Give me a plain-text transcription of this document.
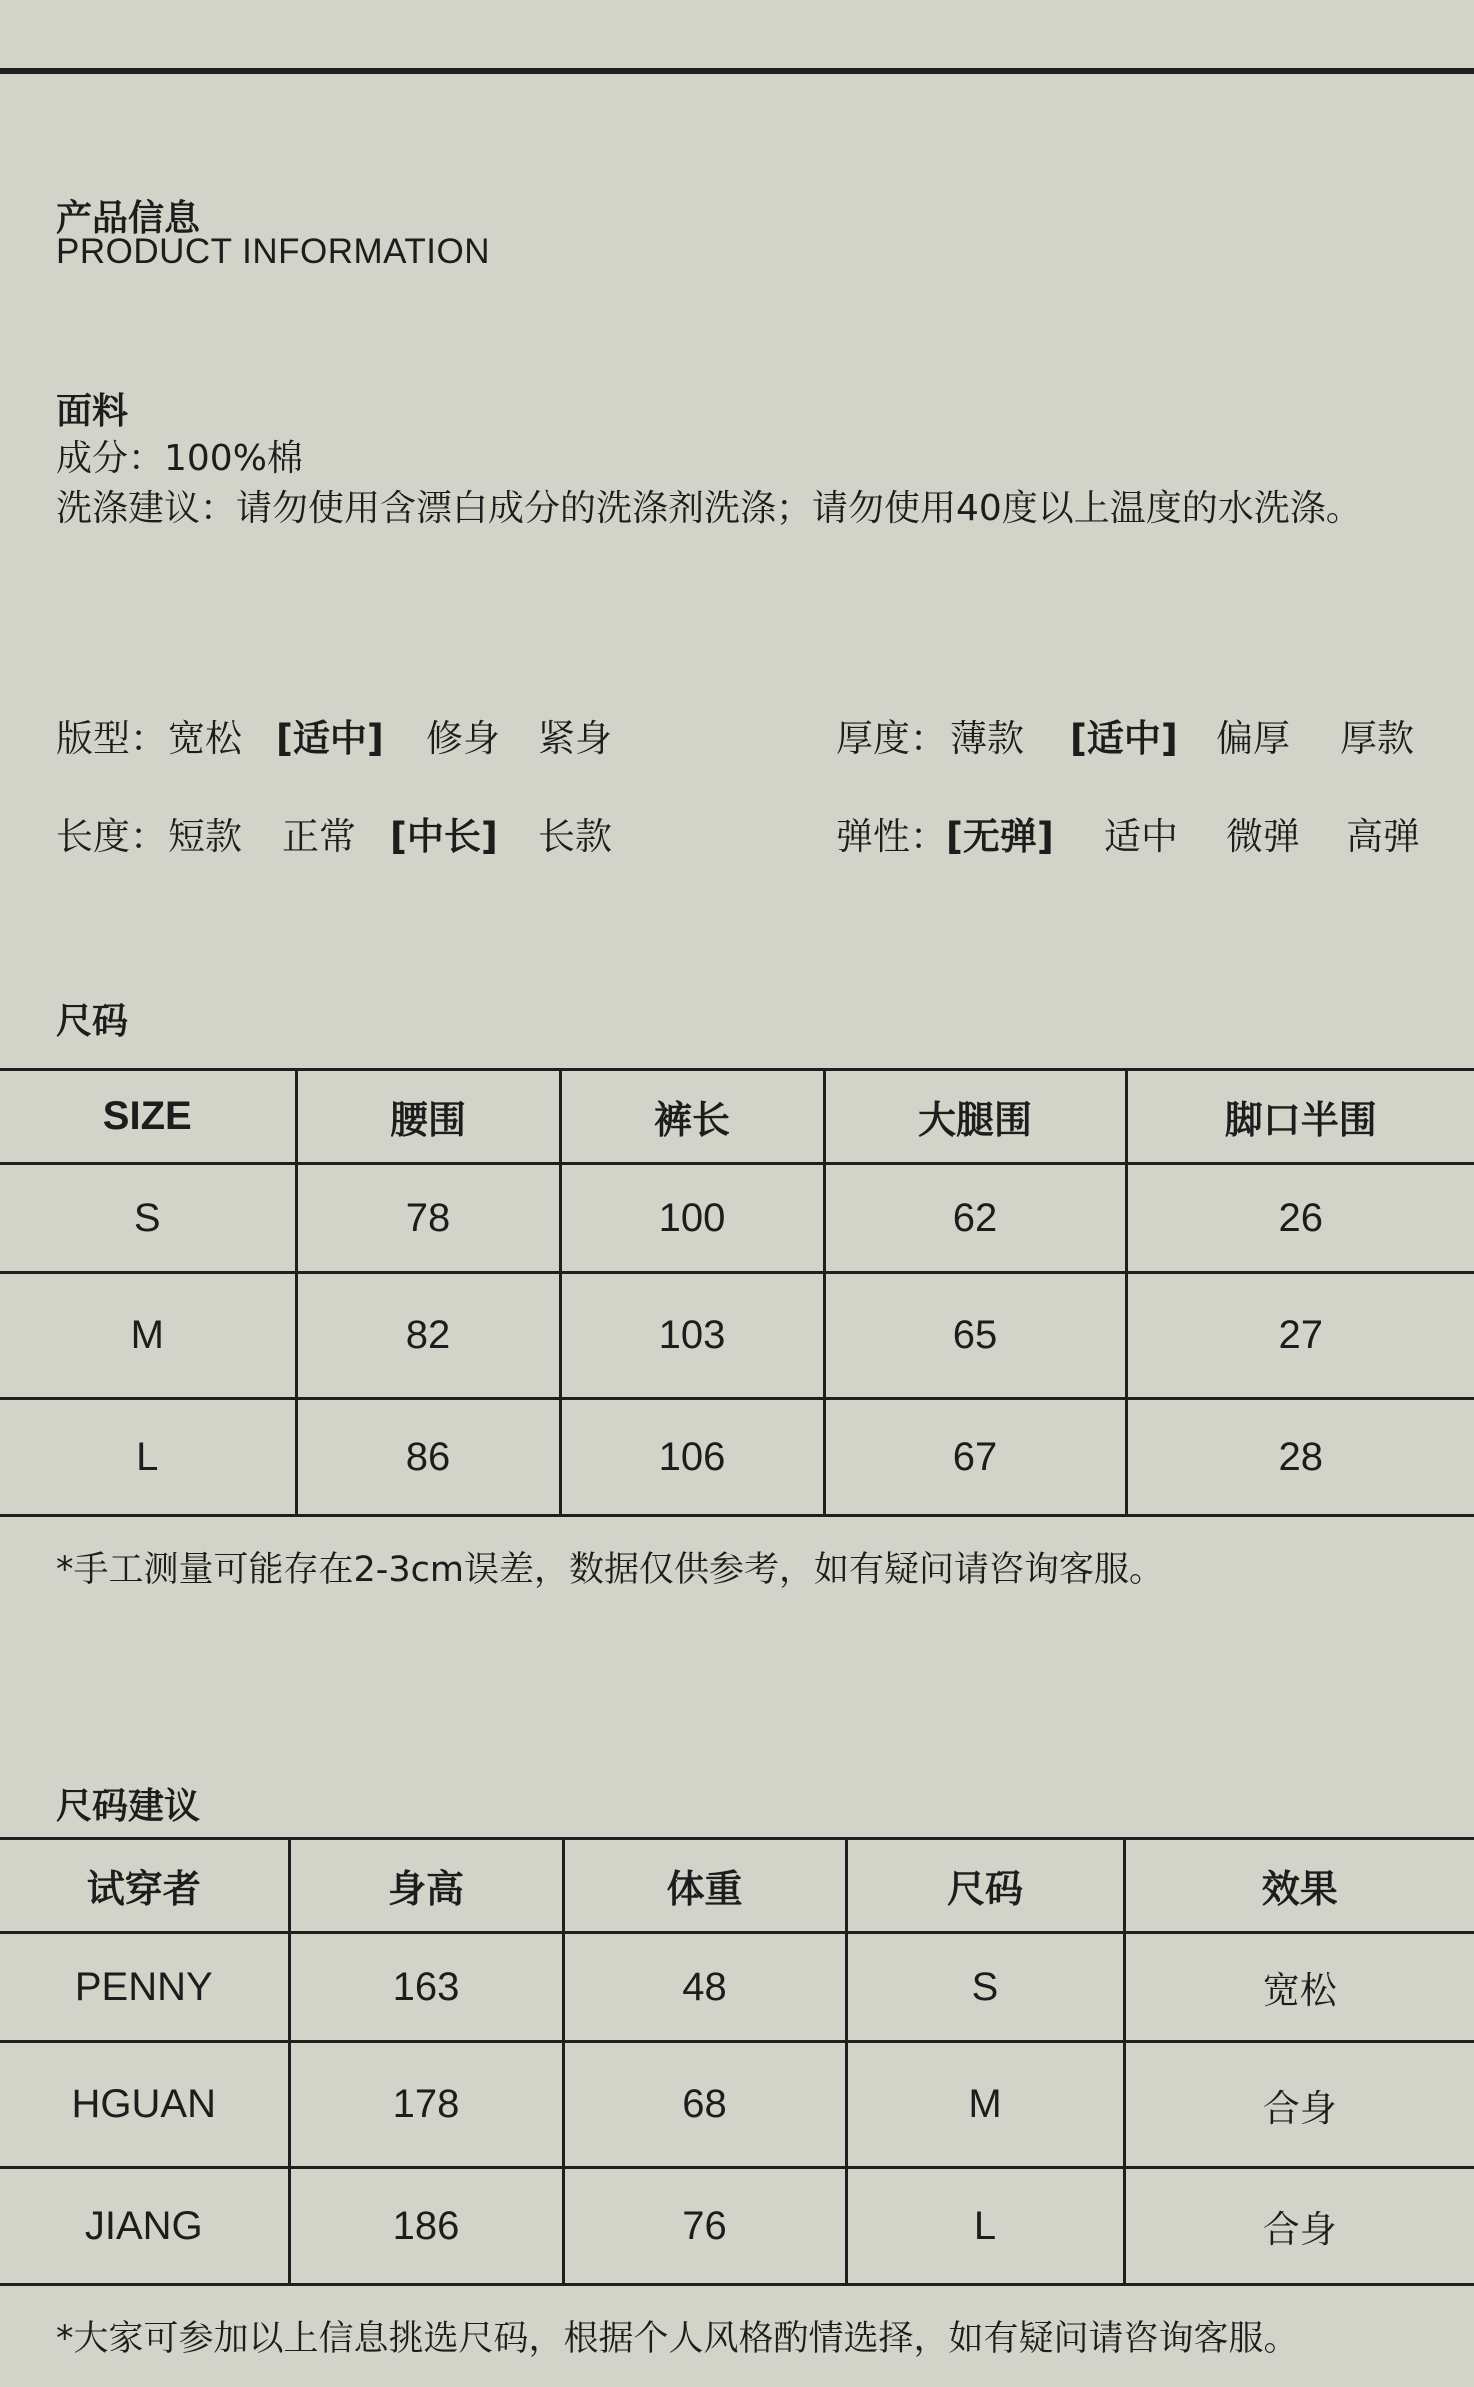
产品信息
PRODUCT INFORMATION
面料
成分：100%棉
洗涤建议：请勿使用含漂白成分的洗涤剂洗涤；请勿使用40度以上温度的水洗涤。
版型： 宽松 [适中] 修身 紧身	厚度： 薄款 [适中] 偏厚 厚款
长度： 短款 正常 [中长] 长款	弹性： [无弹] 适中 微弹 高弹
尺码
SIZE	腰围	裤长	大腿围	脚口半围
S	78	100	62	26
M	82	103	65	27
L	86	106	67	28
*手工测量可能存在2-3cm误差，数据仅供参考，如有疑问请咨询客服。
尺码建议
试穿者	身高	体重	尺码	效果
PENNY	163	48	S	宽松
HGUAN	178	68	M	合身
JIANG	186	76	L	合身
*大家可参加以上信息挑选尺码，根据个人风格酌情选择，如有疑问请咨询客服。
